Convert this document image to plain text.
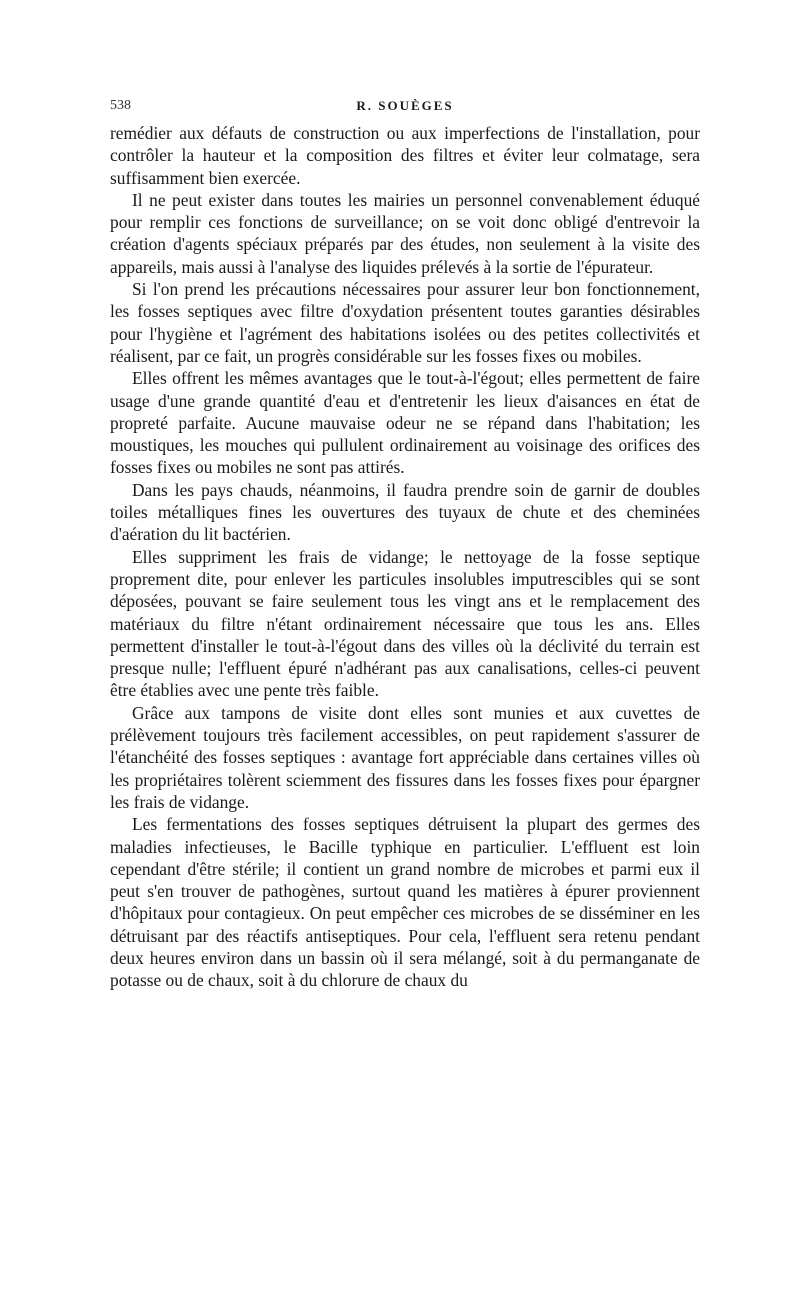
538	R. SOUÈGES

remédier aux défauts de construction ou aux imperfections de l'installation, pour contrôler la hauteur et la composition des filtres et éviter leur colmatage, sera suffisamment bien exercée.

Il ne peut exister dans toutes les mairies un personnel convenablement éduqué pour remplir ces fonctions de surveillance; on se voit donc obligé d'entrevoir la création d'agents spéciaux préparés par des études, non seulement à la visite des appareils, mais aussi à l'analyse des liquides prélevés à la sortie de l'épurateur.

Si l'on prend les précautions nécessaires pour assurer leur bon fonctionnement, les fosses septiques avec filtre d'oxydation présentent toutes garanties désirables pour l'hygiène et l'agrément des habitations isolées ou des petites collectivités et réalisent, par ce fait, un progrès considérable sur les fosses fixes ou mobiles.

Elles offrent les mêmes avantages que le tout-à-l'égout; elles permettent de faire usage d'une grande quantité d'eau et d'entretenir les lieux d'aisances en état de propreté parfaite. Aucune mauvaise odeur ne se répand dans l'habitation; les moustiques, les mouches qui pullulent ordinairement au voisinage des orifices des fosses fixes ou mobiles ne sont pas attirés.

Dans les pays chauds, néanmoins, il faudra prendre soin de garnir de doubles toiles métalliques fines les ouvertures des tuyaux de chute et des cheminées d'aération du lit bactérien.

Elles suppriment les frais de vidange; le nettoyage de la fosse septique proprement dite, pour enlever les particules insolubles imputrescibles qui se sont déposées, pouvant se faire seulement tous les vingt ans et le remplacement des matériaux du filtre n'étant ordinairement nécessaire que tous les ans. Elles permettent d'installer le tout-à-l'égout dans des villes où la déclivité du terrain est presque nulle; l'effluent épuré n'adhérant pas aux canalisations, celles-ci peuvent être établies avec une pente très faible.

Grâce aux tampons de visite dont elles sont munies et aux cuvettes de prélèvement toujours très facilement accessibles, on peut rapidement s'assurer de l'étanchéité des fosses septiques : avantage fort appréciable dans certaines villes où les propriétaires tolèrent sciemment des fissures dans les fosses fixes pour épargner les frais de vidange.

Les fermentations des fosses septiques détruisent la plupart des germes des maladies infectieuses, le Bacille typhique en particulier. L'effluent est loin cependant d'être stérile; il contient un grand nombre de microbes et parmi eux il peut s'en trouver de pathogènes, surtout quand les matières à épurer proviennent d'hôpitaux pour contagieux. On peut empêcher ces microbes de se disséminer en les détruisant par des réactifs antiseptiques. Pour cela, l'effluent sera retenu pendant deux heures environ dans un bassin où il sera mélangé, soit à du permanganate de potasse ou de chaux, soit à du chlorure de chaux du
